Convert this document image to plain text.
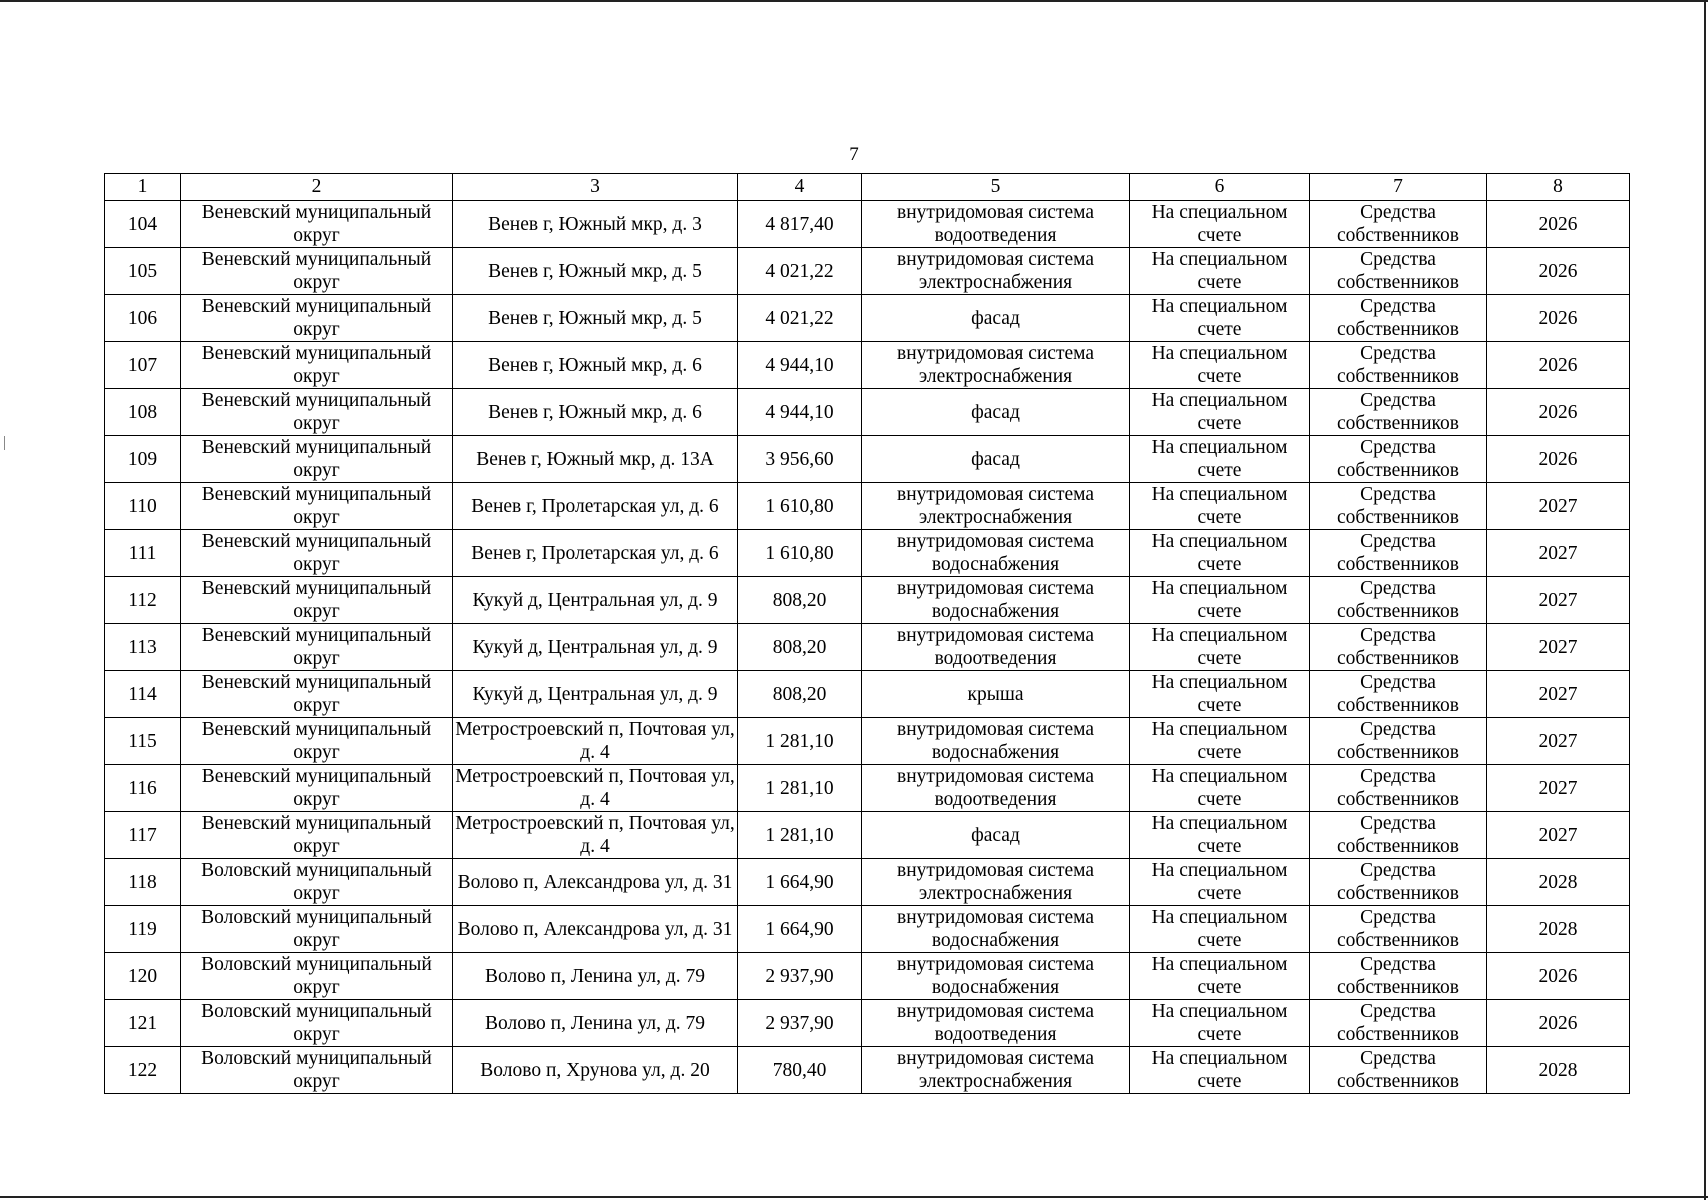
7
1	2	3	4	5	6	7	8
104	Веневский муниципальный округ	Венев г, Южный мкр, д. 3	4 817,40	внутридомовая система водоотведения	На специальном счете	Средства собственников	2026
105	Веневский муниципальный округ	Венев г, Южный мкр, д. 5	4 021,22	внутридомовая система электроснабжения	На специальном счете	Средства собственников	2026
106	Веневский муниципальный округ	Венев г, Южный мкр, д. 5	4 021,22	фасад	На специальном счете	Средства собственников	2026
107	Веневский муниципальный округ	Венев г, Южный мкр, д. 6	4 944,10	внутридомовая система электроснабжения	На специальном счете	Средства собственников	2026
108	Веневский муниципальный округ	Венев г, Южный мкр, д. 6	4 944,10	фасад	На специальном счете	Средства собственников	2026
109	Веневский муниципальный округ	Венев г, Южный мкр, д. 13А	3 956,60	фасад	На специальном счете	Средства собственников	2026
110	Веневский муниципальный округ	Венев г, Пролетарская ул, д. 6	1 610,80	внутридомовая система электроснабжения	На специальном счете	Средства собственников	2027
111	Веневский муниципальный округ	Венев г, Пролетарская ул, д. 6	1 610,80	внутридомовая система водоснабжения	На специальном счете	Средства собственников	2027
112	Веневский муниципальный округ	Кукуй д, Центральная ул, д. 9	808,20	внутридомовая система водоснабжения	На специальном счете	Средства собственников	2027
113	Веневский муниципальный округ	Кукуй д, Центральная ул, д. 9	808,20	внутридомовая система водоотведения	На специальном счете	Средства собственников	2027
114	Веневский муниципальный округ	Кукуй д, Центральная ул, д. 9	808,20	крыша	На специальном счете	Средства собственников	2027
115	Веневский муниципальный округ	Метростроевский п, Почтовая ул, д. 4	1 281,10	внутридомовая система водоснабжения	На специальном счете	Средства собственников	2027
116	Веневский муниципальный округ	Метростроевский п, Почтовая ул, д. 4	1 281,10	внутридомовая система водоотведения	На специальном счете	Средства собственников	2027
117	Веневский муниципальный округ	Метростроевский п, Почтовая ул, д. 4	1 281,10	фасад	На специальном счете	Средства собственников	2027
118	Воловский муниципальный округ	Волово п, Александрова ул, д. 31	1 664,90	внутридомовая система электроснабжения	На специальном счете	Средства собственников	2028
119	Воловский муниципальный округ	Волово п, Александрова ул, д. 31	1 664,90	внутридомовая система водоснабжения	На специальном счете	Средства собственников	2028
120	Воловский муниципальный округ	Волово п, Ленина ул, д. 79	2 937,90	внутридомовая система водоснабжения	На специальном счете	Средства собственников	2026
121	Воловский муниципальный округ	Волово п, Ленина ул, д. 79	2 937,90	внутридомовая система водоотведения	На специальном счете	Средства собственников	2026
122	Воловский муниципальный округ	Волово п, Хрунова ул, д. 20	780,40	внутридомовая система электроснабжения	На специальном счете	Средства собственников	2028
